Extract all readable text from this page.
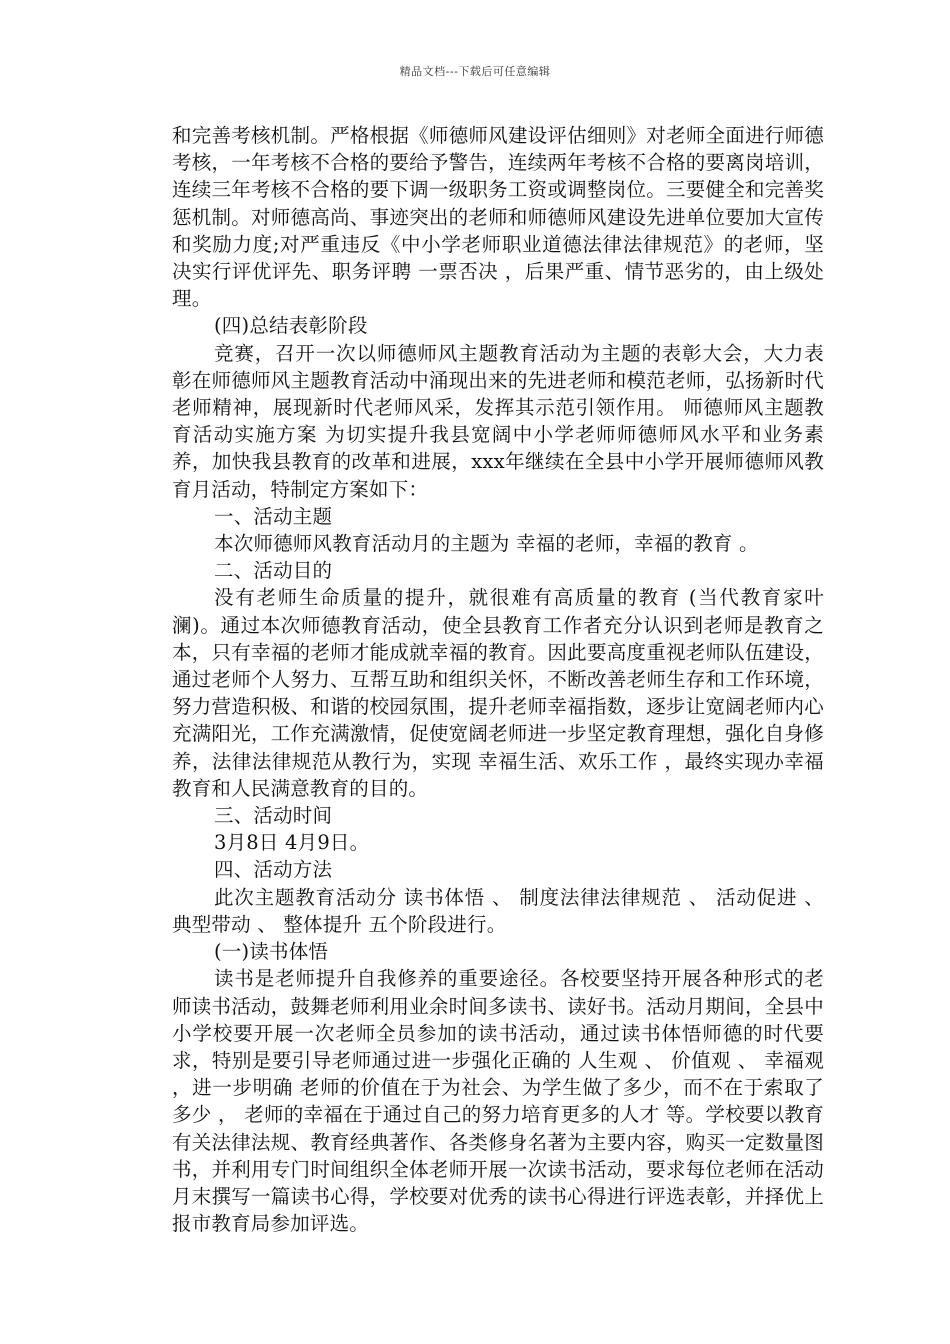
精品文档---下载后可任意编辑

和完善考核机制。严格根据《师德师风建设评估细则》对老师全面进行师德考核，一年考核不合格的要给予警告，连续两年考核不合格的要离岗培训，连续三年考核不合格的要下调一级职务工资或调整岗位。三要健全和完善奖惩机制。对师德高尚、事迹突出的老师和师德师风建设先进单位要加大宣传和奖励力度;对严重违反《中小学老师职业道德法律法律规范》的老师，坚决实行评优评先、职务评聘 一票否决 ，后果严重、情节恶劣的，由上级处理。

(四)总结表彰阶段

竞赛，召开一次以师德师风主题教育活动为主题的表彰大会，大力表彰在师德师风主题教育活动中涌现出来的先进老师和模范老师，弘扬新时代老师精神，展现新时代老师风采，发挥其示范引领作用。 师德师风主题教育活动实施方案 为切实提升我县宽阔中小学老师师德师风水平和业务素养，加快我县教育的改革和进展，xxx年继续在全县中小学开展师德师风教育月活动，特制定方案如下：

一、活动主题

本次师德师风教育活动月的主题为 幸福的老师，幸福的教育 。

二、活动目的

没有老师生命质量的提升，就很难有高质量的教育 (当代教育家叶澜)。通过本次师德教育活动，使全县教育工作者充分认识到老师是教育之本，只有幸福的老师才能成就幸福的教育。因此要高度重视老师队伍建设，通过老师个人努力、互帮互助和组织关怀，不断改善老师生存和工作环境，努力营造积极、和谐的校园氛围，提升老师幸福指数，逐步让宽阔老师内心充满阳光，工作充满激情，促使宽阔老师进一步坚定教育理想，强化自身修养，法律法律规范从教行为，实现 幸福生活、欢乐工作 ，最终实现办幸福教育和人民满意教育的目的。

三、活动时间

3月8日 4月9日。

四、活动方法

此次主题教育活动分 读书体悟 、 制度法律法律规范 、 活动促进 、 典型带动 、 整体提升 五个阶段进行。

(一)读书体悟

读书是老师提升自我修养的重要途径。各校要坚持开展各种形式的老师读书活动，鼓舞老师利用业余时间多读书、读好书。活动月期间，全县中小学校要开展一次老师全员参加的读书活动，通过读书体悟师德的时代要求，特别是要引导老师通过进一步强化正确的 人生观 、 价值观 、 幸福观 ，进一步明确 老师的价值在于为社会、为学生做了多少，而不在于索取了多少 ， 老师的幸福在于通过自己的努力培育更多的人才 等。学校要以教育有关法律法规、教育经典著作、各类修身名著为主要内容，购买一定数量图书，并利用专门时间组织全体老师开展一次读书活动，要求每位老师在活动月末撰写一篇读书心得，学校要对优秀的读书心得进行评选表彰，并择优上报市教育局参加评选。
